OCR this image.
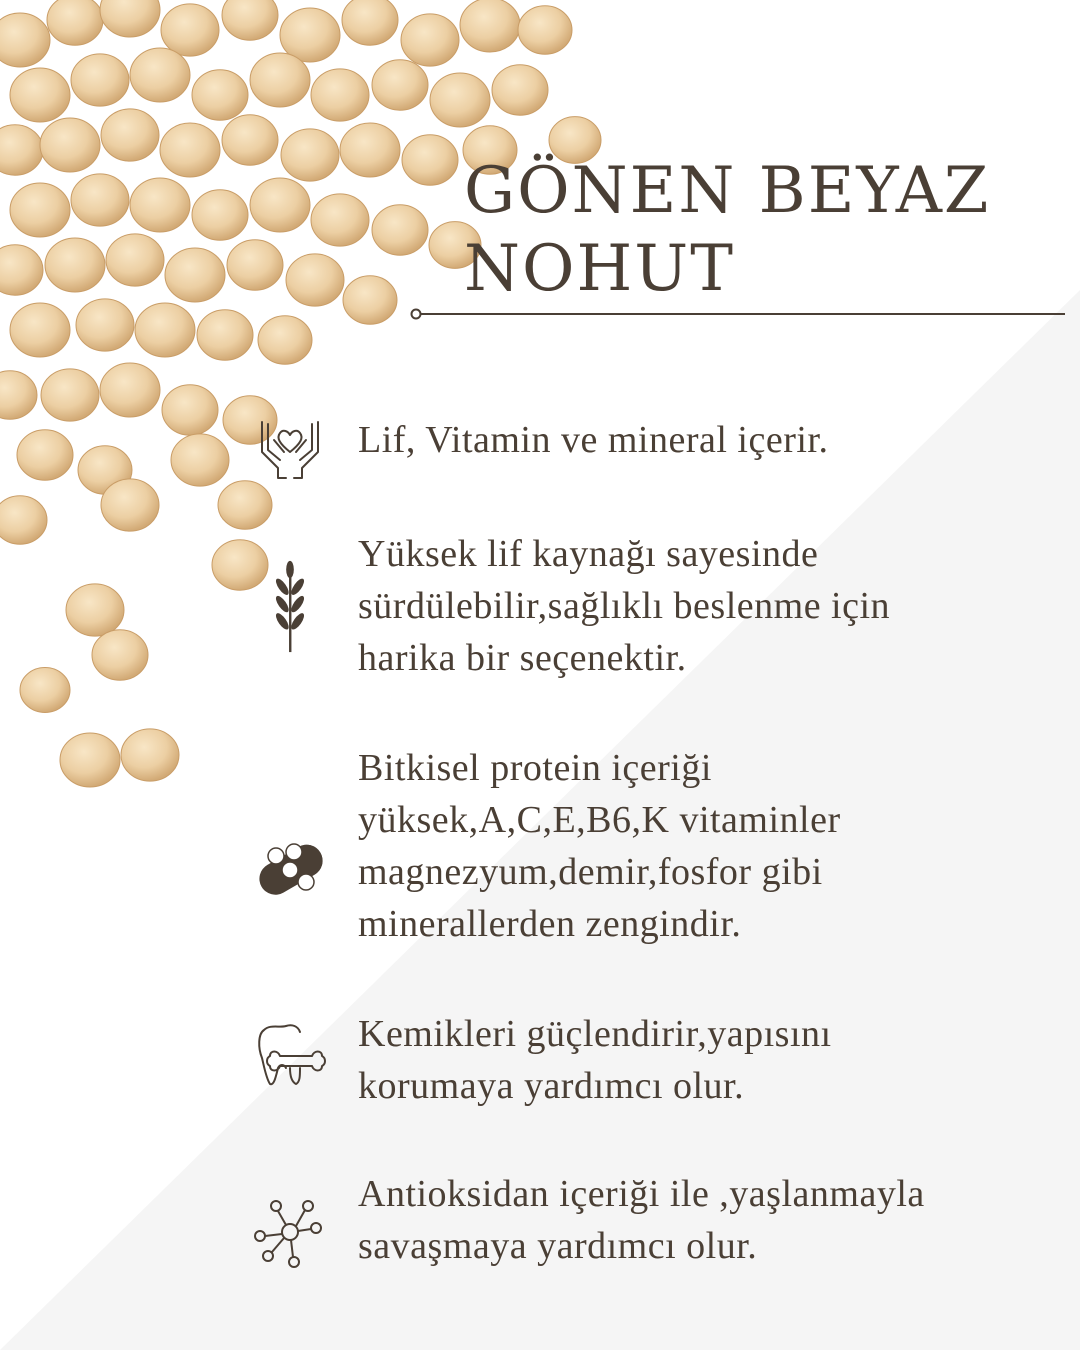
GÖNEN BEYAZ
NOHUT
Lif, Vitamin ve mineral içerir.
Yüksek lif kaynağı sayesinde
sürdülebilir,sağlıklı beslenme için
harika bir seçenektir.
Bitkisel protein içeriği
yüksek,A,C,E,B6,K vitaminler
magnezyum,demir,fosfor gibi
minerallerden zengindir.
Kemikleri güçlendirir,yapısını
korumaya yardımcı olur.
Antioksidan içeriği ile ,yaşlanmayla
savaşmaya yardımcı olur.
